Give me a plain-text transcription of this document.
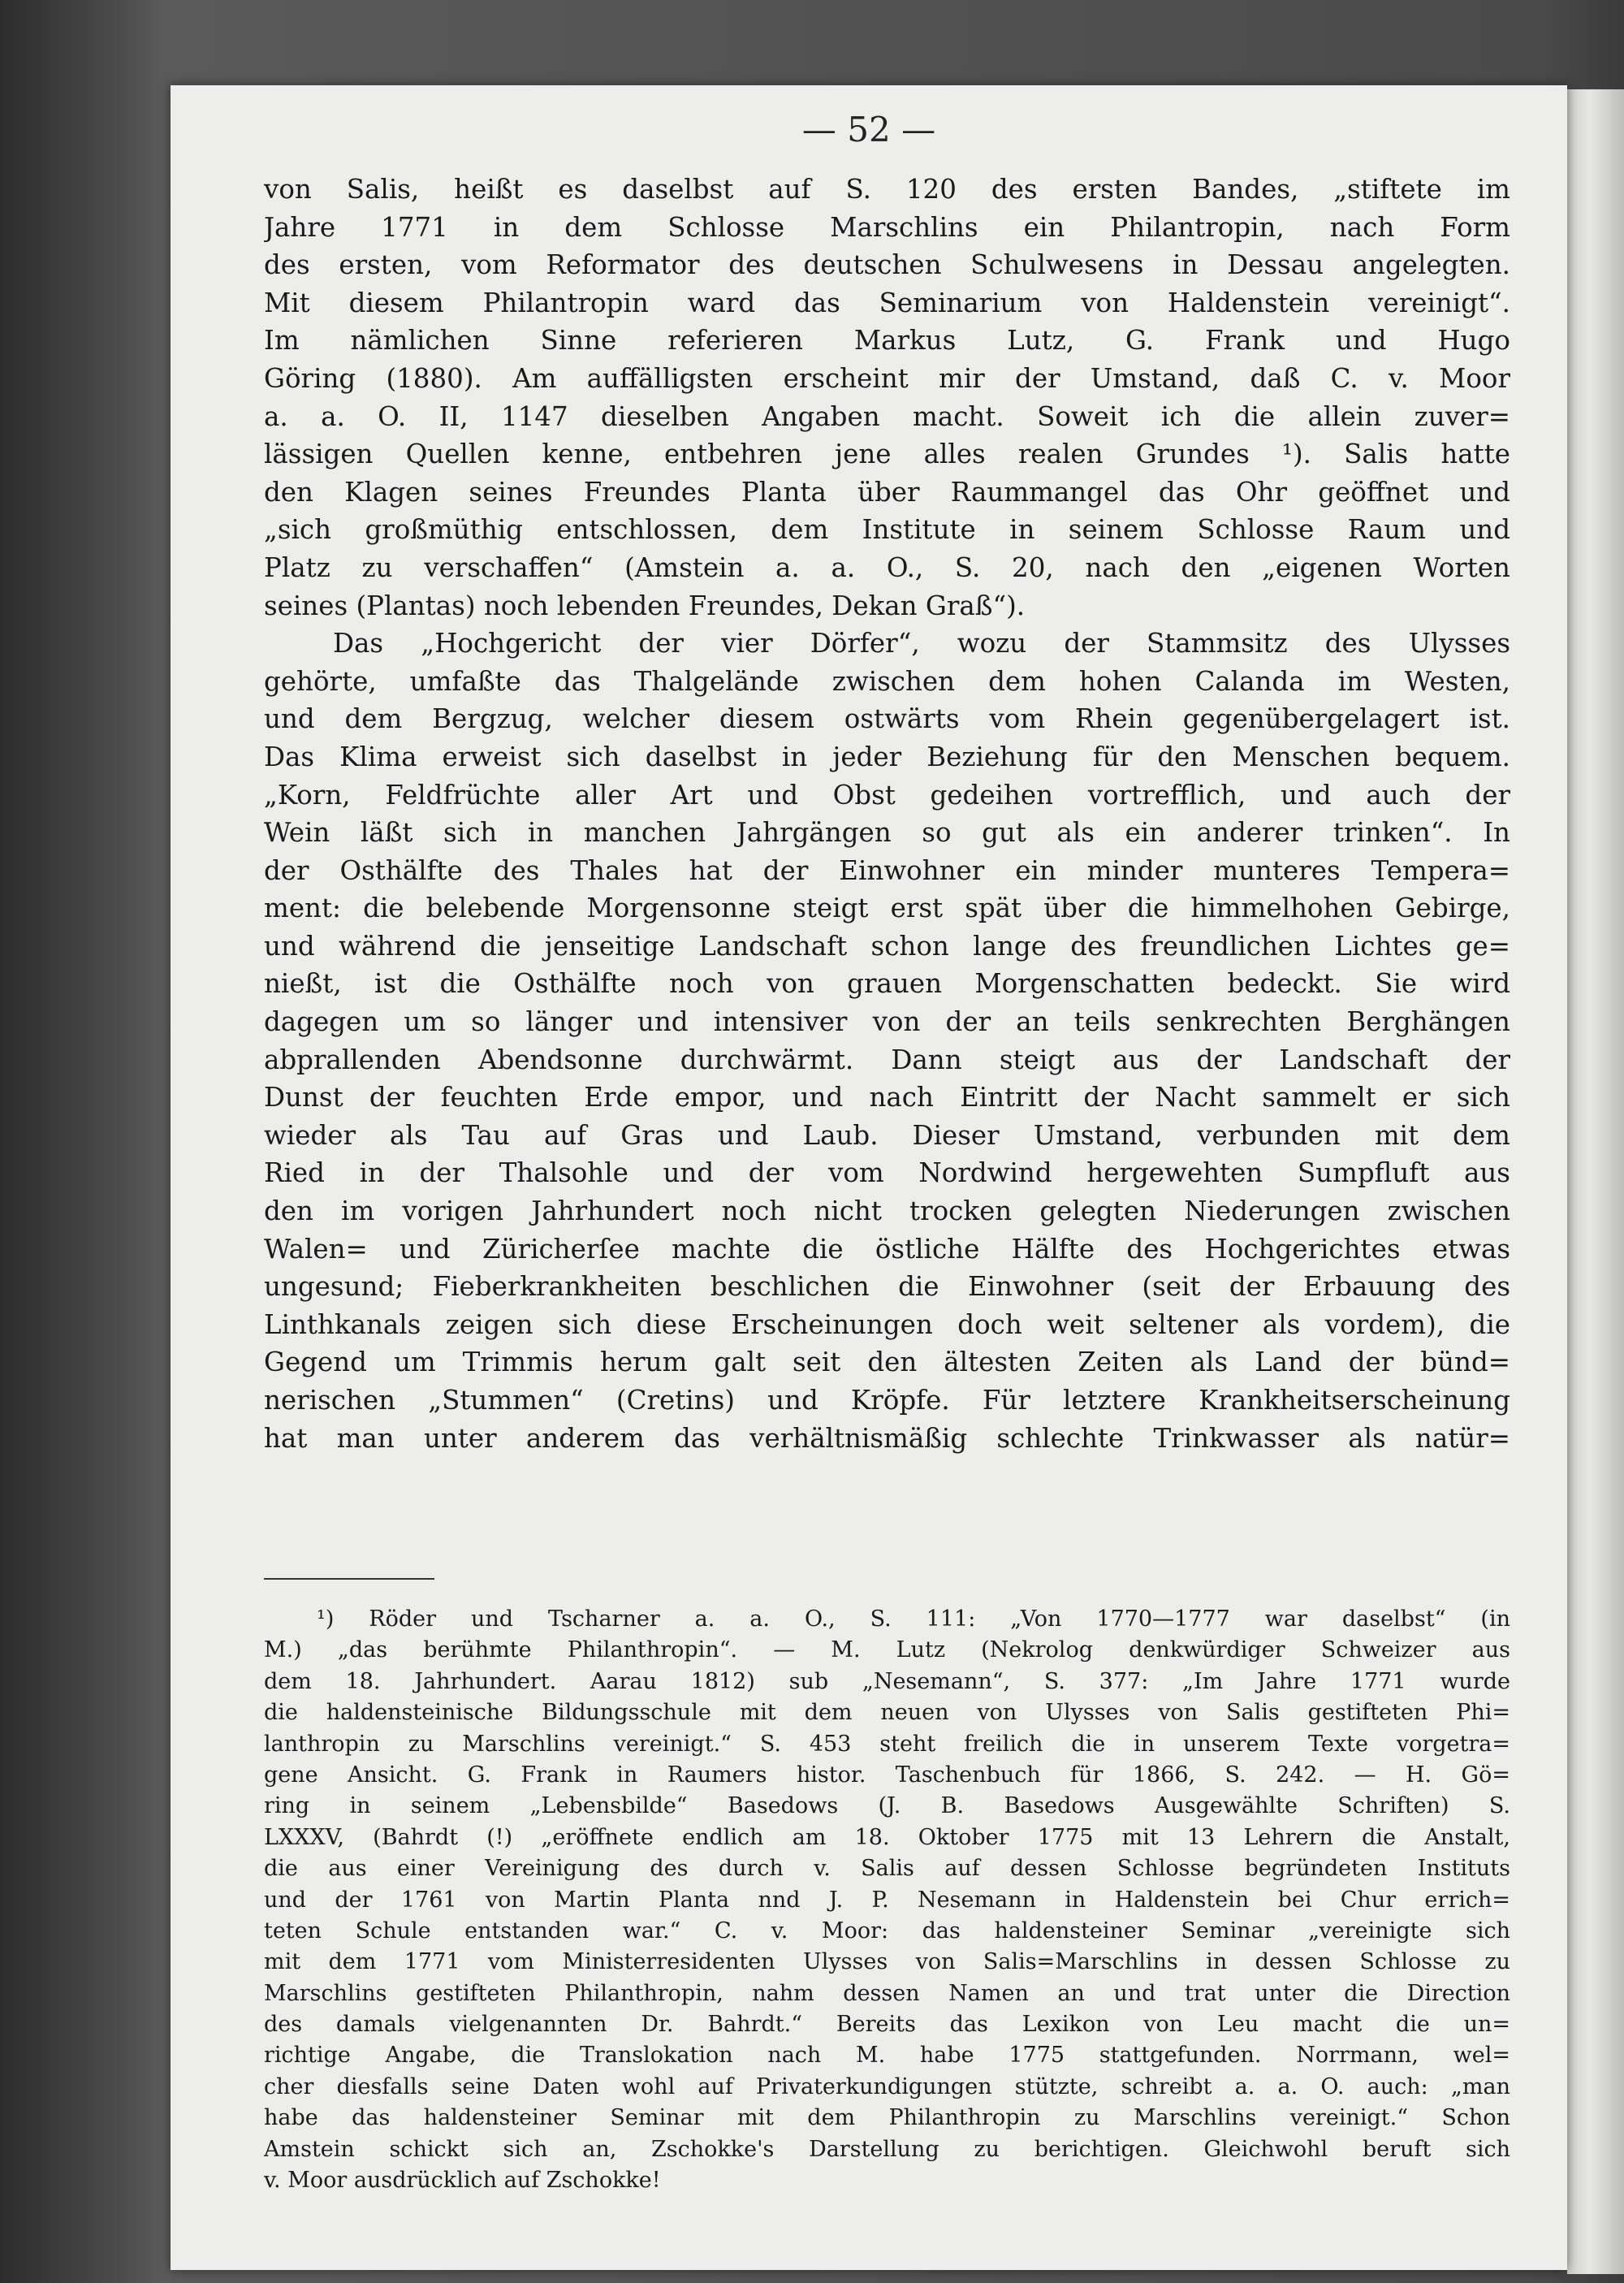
— 52 —
von Salis, heißt es daselbst auf S. 120 des ersten Bandes, „stiftete im
Jahre 1771 in dem Schlosse Marschlins ein Philantropin, nach Form
des ersten, vom Reformator des deutschen Schulwesens in Dessau angelegten.
Mit diesem Philantropin ward das Seminarium von Haldenstein vereinigt“.
Im nämlichen Sinne referieren Markus Lutz, G. Frank und Hugo
Göring (1880). Am auffälligsten erscheint mir der Umstand, daß C. v. Moor
a. a. O. II, 1147 dieselben Angaben macht. Soweit ich die allein zuver=
lässigen Quellen kenne, entbehren jene alles realen Grundes ¹). Salis hatte
den Klagen seines Freundes Planta über Raummangel das Ohr geöffnet und
„sich großmüthig entschlossen, dem Institute in seinem Schlosse Raum und
Platz zu verschaffen“ (Amstein a. a. O., S. 20, nach den „eigenen Worten
seines (Plantas) noch lebenden Freundes, Dekan Graß“).
Das „Hochgericht der vier Dörfer“, wozu der Stammsitz des Ulysses
gehörte, umfaßte das Thalgelände zwischen dem hohen Calanda im Westen,
und dem Bergzug, welcher diesem ostwärts vom Rhein gegenübergelagert ist.
Das Klima erweist sich daselbst in jeder Beziehung für den Menschen bequem.
„Korn, Feldfrüchte aller Art und Obst gedeihen vortrefflich, und auch der
Wein läßt sich in manchen Jahrgängen so gut als ein anderer trinken“. In
der Osthälfte des Thales hat der Einwohner ein minder munteres Tempera=
ment: die belebende Morgensonne steigt erst spät über die himmelhohen Gebirge,
und während die jenseitige Landschaft schon lange des freundlichen Lichtes ge=
nießt, ist die Osthälfte noch von grauen Morgenschatten bedeckt. Sie wird
dagegen um so länger und intensiver von der an teils senkrechten Berghängen
abprallenden Abendsonne durchwärmt. Dann steigt aus der Landschaft der
Dunst der feuchten Erde empor, und nach Eintritt der Nacht sammelt er sich
wieder als Tau auf Gras und Laub. Dieser Umstand, verbunden mit dem
Ried in der Thalsohle und der vom Nordwind hergewehten Sumpfluft aus
den im vorigen Jahrhundert noch nicht trocken gelegten Niederungen zwischen
Walen= und Züricherſee machte die östliche Hälfte des Hochgerichtes etwas
ungesund; Fieberkrankheiten beschlichen die Einwohner (seit der Erbauung des
Linthkanals zeigen sich diese Erscheinungen doch weit seltener als vordem), die
Gegend um Trimmis herum galt seit den ältesten Zeiten als Land der bünd=
nerischen „Stummen“ (Cretins) und Kröpfe. Für letztere Krankheitserscheinung
hat man unter anderem das verhältnismäßig schlechte Trinkwasser als natür=
¹) Röder und Tscharner a. a. O., S. 111: „Von 1770—1777 war daselbst“ (in
M.) „das berühmte Philanthropin“. — M. Lutz (Nekrolog denkwürdiger Schweizer aus
dem 18. Jahrhundert. Aarau 1812) sub „Nesemann“, S. 377: „Im Jahre 1771 wurde
die haldensteinische Bildungsschule mit dem neuen von Ulysses von Salis gestifteten Phi=
lanthropin zu Marschlins vereinigt.“ S. 453 steht freilich die in unserem Texte vorgetra=
gene Ansicht. G. Frank in Raumers histor. Taschenbuch für 1866, S. 242. — H. Gö=
ring in seinem „Lebensbilde“ Basedows (J. B. Basedows Ausgewählte Schriften) S.
LXXXV, (Bahrdt (!) „eröffnete endlich am 18. Oktober 1775 mit 13 Lehrern die Anstalt,
die aus einer Vereinigung des durch v. Salis auf dessen Schlosse begründeten Instituts
und der 1761 von Martin Planta nnd J. P. Nesemann in Haldenstein bei Chur errich=
teten Schule entstanden war.“ C. v. Moor: das haldensteiner Seminar „vereinigte sich
mit dem 1771 vom Ministerresidenten Ulysses von Salis=Marschlins in dessen Schlosse zu
Marschlins gestifteten Philanthropin, nahm dessen Namen an und trat unter die Direction
des damals vielgenannten Dr. Bahrdt.“ Bereits das Lexikon von Leu macht die un=
richtige Angabe, die Translokation nach M. habe 1775 stattgefunden. Norrmann, wel=
cher diesfalls seine Daten wohl auf Privaterkundigungen stützte, schreibt a. a. O. auch: „man
habe das haldensteiner Seminar mit dem Philanthropin zu Marschlins vereinigt.“ Schon
Amstein schickt sich an, Zschokke's Darstellung zu berichtigen. Gleichwohl beruft sich
v. Moor ausdrücklich auf Zschokke!
